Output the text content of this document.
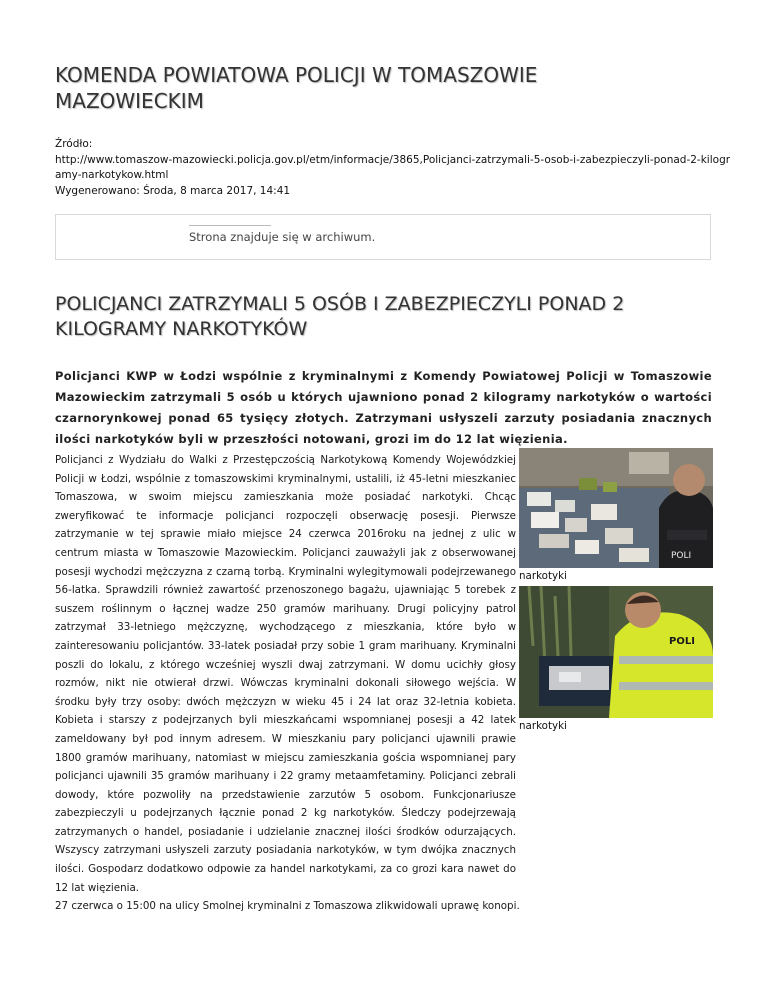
KOMENDA POWIATOWA POLICJI W TOMASZOWIE MAZOWIECKIM
Źródło:
http://www.tomaszow-mazowiecki.policja.gov.pl/etm/informacje/3865,Policjanci-zatrzymali-5-osob-i-zabezpieczyli-ponad-2-kilogramy-narkotykow.html
Wygenerowano: Środa, 8 marca 2017, 14:41
Strona znajduje się w archiwum.
POLICJANCI ZATRZYMALI 5 OSÓB I ZABEZPIECZYLI PONAD 2 KILOGRAMY NARKOTYKÓW

Policjanci KWP w Łodzi wspólnie z kryminalnymi z Komendy Powiatowej Policji w Tomaszowie Mazowieckim zatrzymali 5 osób u których ujawniono ponad 2 kilogramy narkotyków o wartości czarnorynkowej ponad 65 tysięcy złotych. Zatrzymani usłyszeli zarzuty posiadania znacznych ilości narkotyków byli w przeszłości notowani, grozi im do 12 lat więzienia.

Policjanci z Wydziału do Walki z Przestępczością Narkotykową Komendy Wojewódzkiej Policji w Łodzi, wspólnie z tomaszowskimi kryminalnymi, ustalili, iż 45-letni mieszkaniec Tomaszowa, w swoim miejscu zamieszkania może posiadać narkotyki. Chcąc zweryfikować te informacje policjanci rozpoczęli obserwację posesji. Pierwsze zatrzymanie w tej sprawie miało miejsce 24 czerwca 2016roku na jednej z ulic w centrum miasta w Tomaszowie Mazowieckim. Policjanci zauważyli jak z obserwowanej posesji wychodzi mężczyzna z czarną torbą. Kryminalni wylegitymowali podejrzewanego 56-latka. Sprawdzili również zawartość przenoszonego bagażu, ujawniając 5 torebek z suszem roślinnym o łącznej wadze 250 gramów marihuany. Drugi policyjny patrol zatrzymał 33-letniego mężczyznę, wychodzącego z mieszkania, które było w zainteresowaniu policjantów. 33-latek posiadał przy sobie 1 gram marihuany. Kryminalni poszli do lokalu, z którego wcześniej wyszli dwaj zatrzymani. W domu ucichły głosy rozmów, nikt nie otwierał drzwi. Wówczas kryminalni dokonali siłowego wejścia. W środku były trzy osoby: dwóch mężczyzn w wieku 45 i 24 lat oraz 32-letnia kobieta. Kobieta i starszy z podejrzanych byli mieszkańcami wspomnianej posesji a 42 latek zameldowany był pod innym adresem. W mieszkaniu pary policjanci ujawnili prawie 1800 gramów marihuany, natomiast w miejscu zamieszkania gościa wspomnianej pary policjanci ujawnili 35 gramów marihuany i 22 gramy metaamfetaminy. Policjanci zebrali dowody, które pozwoliły na przedstawienie zarzutów 5 osobom. Funkcjonariusze zabezpieczyli u podejrzanych łącznie ponad 2 kg narkotyków. Śledczy podejrzewają zatrzymanych o handel, posiadanie i udzielanie znacznej ilości środków odurzających. Wszyscy zatrzymani usłyszeli zarzuty posiadania narkotyków, w tym dwójka znacznych ilości. Gospodarz dodatkowo odpowie za handel narkotykami, za co grozi kara nawet do 12 lat więzienia.

POLI
narkotyki
POLI
narkotyki
27 czerwca o 15:00 na ulicy Smolnej kryminalni z Tomaszowa zlikwidowali uprawę konopi.
